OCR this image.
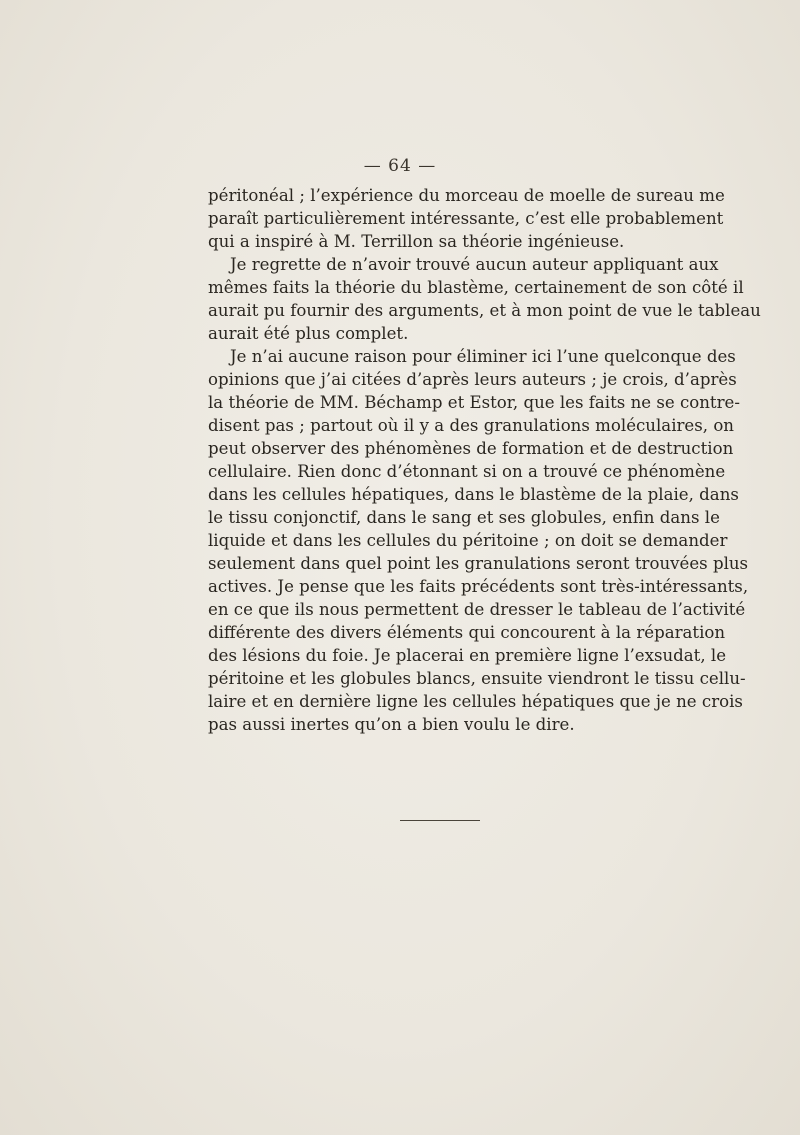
— 64 —
péritonéal ; l’expérience du morceau de moelle de sureau me
paraît particulièrement intéressante, c’est elle probablement
qui a inspiré à M. Terrillon sa théorie ingénieuse.
Je regrette de n’avoir trouvé aucun auteur appliquant aux
mêmes faits la théorie du blastème, certainement de son côté il
aurait pu fournir des arguments, et à mon point de vue le tableau
aurait été plus complet.
Je n’ai aucune raison pour éliminer ici l’une quelconque des
opinions que j’ai citées d’après leurs auteurs ; je crois, d’après
la théorie de MM. Béchamp et Estor, que les faits ne se contre-
disent pas ; partout où il y a des granulations moléculaires, on
peut observer des phénomènes de formation et de destruction
cellulaire. Rien donc d’étonnant si on a trouvé ce phénomène
dans les cellules hépatiques, dans le blastème de la plaie, dans
le tissu conjonctif, dans le sang et ses globules, enfin dans le
liquide et dans les cellules du péritoine ; on doit se demander
seulement dans quel point les granulations seront trouvées plus
actives. Je pense que les faits précédents sont très-intéressants,
en ce que ils nous permettent de dresser le tableau de l’activité
différente des divers éléments qui concourent à la réparation
des lésions du foie. Je placerai en première ligne l’exsudat, le
péritoine et les globules blancs, ensuite viendront le tissu cellu-
laire et en dernière ligne les cellules hépatiques que je ne crois
pas aussi inertes qu’on a bien voulu le dire.
